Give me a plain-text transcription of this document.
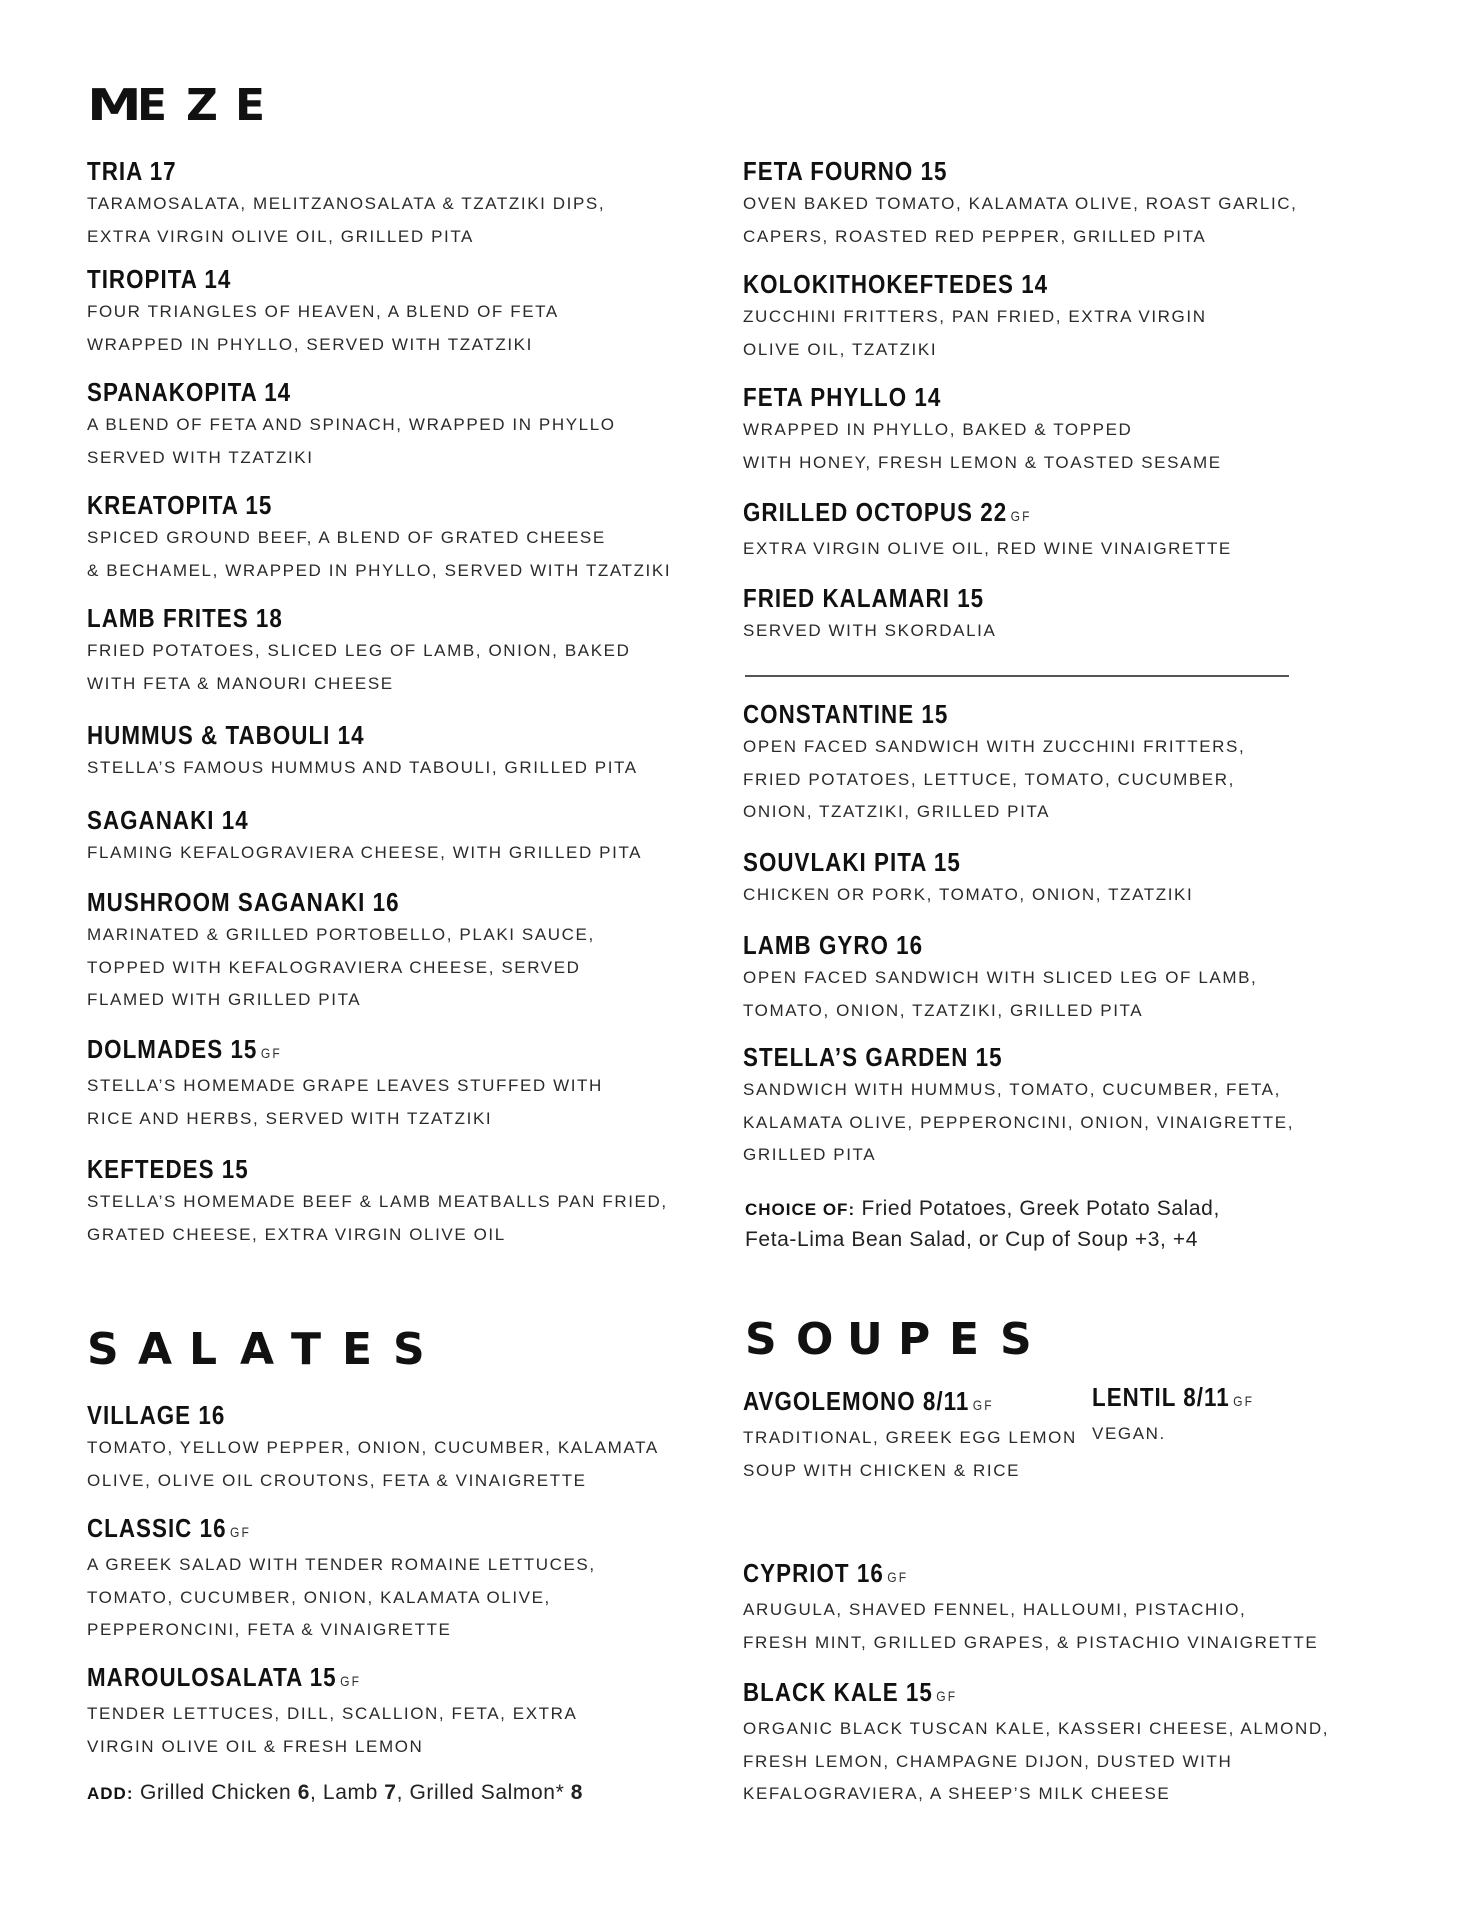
ME Z E
TRIA 17
TARAMOSALATA, MELITZANOSALATA & TZATZIKI DIPS,
EXTRA VIRGIN OLIVE OIL, GRILLED PITA
TIROPITA 14
FOUR TRIANGLES OF HEAVEN, A BLEND OF FETA
WRAPPED IN PHYLLO, SERVED WITH TZATZIKI
SPANAKOPITA 14
A BLEND OF FETA AND SPINACH, WRAPPED IN PHYLLO
SERVED WITH TZATZIKI
KREATOPITA 15
SPICED GROUND BEEF, A BLEND OF GRATED CHEESE
& BECHAMEL, WRAPPED IN PHYLLO, SERVED WITH TZATZIKI
LAMB FRITES 18
FRIED POTATOES, SLICED LEG OF LAMB, ONION, BAKED
WITH FETA & MANOURI CHEESE
HUMMUS & TABOULI 14
STELLA’S FAMOUS HUMMUS AND TABOULI, GRILLED PITA
SAGANAKI 14
FLAMING KEFALOGRAVIERA CHEESE, WITH GRILLED PITA
MUSHROOM SAGANAKI 16
MARINATED & GRILLED PORTOBELLO, PLAKI SAUCE,
TOPPED WITH KEFALOGRAVIERA CHEESE, SERVED
FLAMED WITH GRILLED PITA
DOLMADES 15 GF
STELLA’S HOMEMADE GRAPE LEAVES STUFFED WITH
RICE AND HERBS, SERVED WITH TZATZIKI
KEFTEDES 15
STELLA’S HOMEMADE BEEF & LAMB MEATBALLS PAN FRIED,
GRATED CHEESE, EXTRA VIRGIN OLIVE OIL
FETA FOURNO 15
OVEN BAKED TOMATO, KALAMATA OLIVE, ROAST GARLIC,
CAPERS, ROASTED RED PEPPER, GRILLED PITA
KOLOKITHOKEFTEDES 14
ZUCCHINI FRITTERS, PAN FRIED, EXTRA VIRGIN
OLIVE OIL, TZATZIKI
FETA PHYLLO 14
WRAPPED IN PHYLLO, BAKED & TOPPED
WITH HONEY, FRESH LEMON & TOASTED SESAME
GRILLED OCTOPUS 22 GF
EXTRA VIRGIN OLIVE OIL, RED WINE VINAIGRETTE
FRIED KALAMARI 15
SERVED WITH SKORDALIA
CONSTANTINE 15
OPEN FACED SANDWICH WITH ZUCCHINI FRITTERS,
FRIED POTATOES, LETTUCE, TOMATO, CUCUMBER,
ONION, TZATZIKI, GRILLED PITA
SOUVLAKI PITA 15
CHICKEN OR PORK, TOMATO, ONION, TZATZIKI
LAMB GYRO 16
OPEN FACED SANDWICH WITH SLICED LEG OF LAMB,
TOMATO, ONION, TZATZIKI, GRILLED PITA
STELLA’S GARDEN 15
SANDWICH WITH HUMMUS, TOMATO, CUCUMBER, FETA,
KALAMATA OLIVE, PEPPERONCINI, ONION, VINAIGRETTE,
GRILLED PITA
CHOICE OF: Fried Potatoes, Greek Potato Salad,
Feta-Lima Bean Salad, or Cup of Soup +3, +4
S A L A T E S	S O U P E S
VILLAGE 16
TOMATO, YELLOW PEPPER, ONION, CUCUMBER, KALAMATA
OLIVE, OLIVE OIL CROUTONS, FETA & VINAIGRETTE
CLASSIC 16 GF
A GREEK SALAD WITH TENDER ROMAINE LETTUCES,
TOMATO, CUCUMBER, ONION, KALAMATA OLIVE,
PEPPERONCINI, FETA & VINAIGRETTE
MAROULOSALATA 15 GF
TENDER LETTUCES, DILL, SCALLION, FETA, EXTRA
VIRGIN OLIVE OIL & FRESH LEMON
ADD: Grilled Chicken 6, Lamb 7, Grilled Salmon* 8
AVGOLEMONO 8/11 GF
TRADITIONAL, GREEK EGG LEMON
SOUP WITH CHICKEN & RICE
LENTIL 8/11 GF
VEGAN.
CYPRIOT 16 GF
ARUGULA, SHAVED FENNEL, HALLOUMI, PISTACHIO,
FRESH MINT, GRILLED GRAPES, & PISTACHIO VINAIGRETTE
BLACK KALE 15 GF
ORGANIC BLACK TUSCAN KALE, KASSERI CHEESE, ALMOND,
FRESH LEMON, CHAMPAGNE DIJON, DUSTED WITH
KEFALOGRAVIERA, A SHEEP’S MILK CHEESE
